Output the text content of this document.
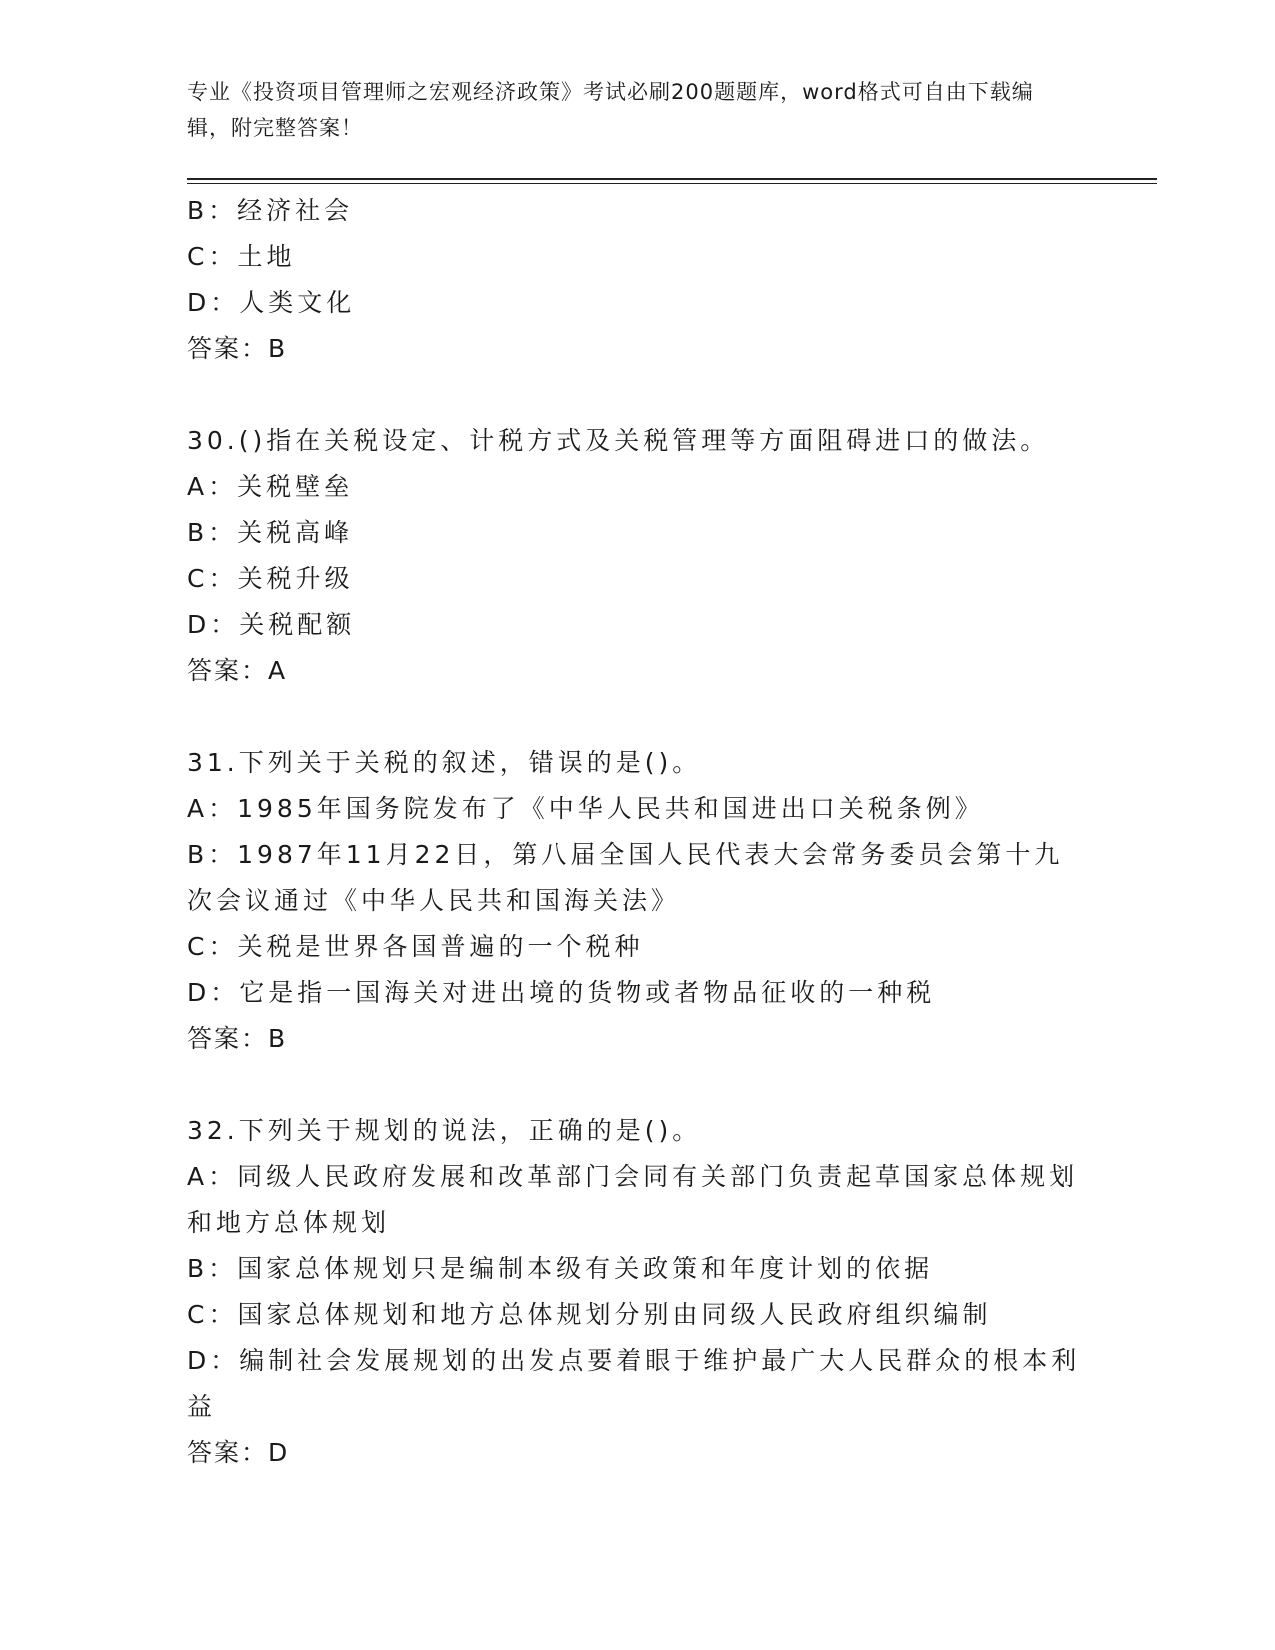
专业《投资项目管理师之宏观经济政策》考试必刷200题题库，word格式可自由下载编辑，附完整答案！
B：经济社会
C：土地
D：人类文化
答案：B
30.()指在关税设定、计税方式及关税管理等方面阻碍进口的做法。
A：关税壁垒
B：关税高峰
C：关税升级
D：关税配额
答案：A
31.下列关于关税的叙述，错误的是()。
A：1985年国务院发布了《中华人民共和国进出口关税条例》
B：1987年11月22日，第八届全国人民代表大会常务委员会第十九次会议通过《中华人民共和国海关法》
C：关税是世界各国普遍的一个税种
D：它是指一国海关对进出境的货物或者物品征收的一种税
答案：B
32.下列关于规划的说法，正确的是()。
A：同级人民政府发展和改革部门会同有关部门负责起草国家总体规划和地方总体规划
B：国家总体规划只是编制本级有关政策和年度计划的依据
C：国家总体规划和地方总体规划分别由同级人民政府组织编制
D：编制社会发展规划的出发点要着眼于维护最广大人民群众的根本利益
答案：D
